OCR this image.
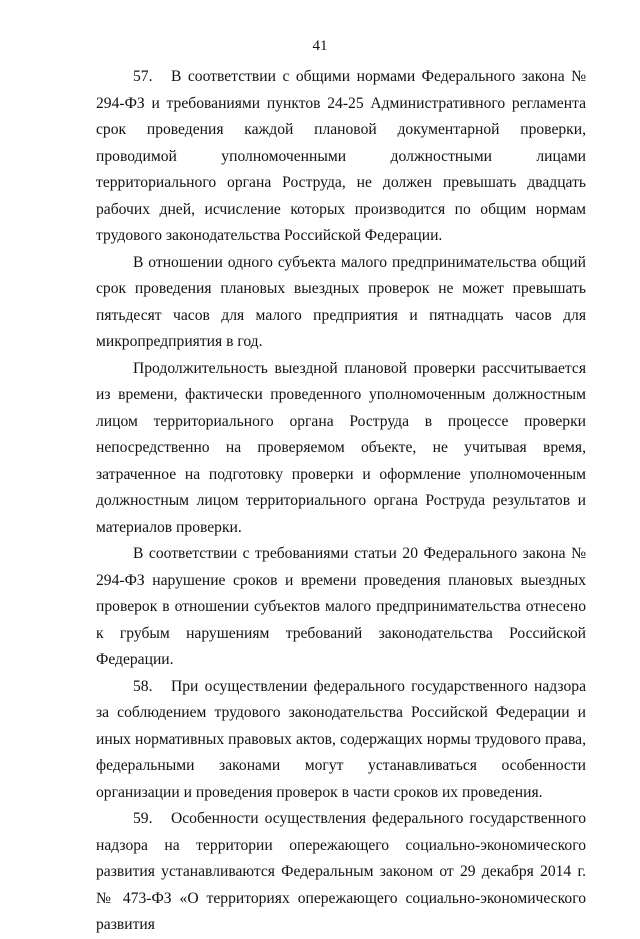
41

57. В соответствии с общими нормами Федерального закона № 294-ФЗ и требованиями пунктов 24-25 Административного регламента срок проведения каждой плановой документарной проверки, проводимой уполномоченными должностными лицами территориального органа Роструда, не должен превышать двадцать рабочих дней, исчисление которых производится по общим нормам трудового законодательства Российской Федерации.

В отношении одного субъекта малого предпринимательства общий срок проведения плановых выездных проверок не может превышать пятьдесят часов для малого предприятия и пятнадцать часов для микропредприятия в год.

Продолжительность выездной плановой проверки рассчитывается из времени, фактически проведенного уполномоченным должностным лицом территориального органа Роструда в процессе проверки непосредственно на проверяемом объекте, не учитывая время, затраченное на подготовку проверки и оформление уполномоченным должностным лицом территориального органа Роструда результатов и материалов проверки.

В соответствии с требованиями статьи 20 Федерального закона № 294-ФЗ нарушение сроков и времени проведения плановых выездных проверок в отношении субъектов малого предпринимательства отнесено к грубым нарушениям требований законодательства Российской Федерации.

58. При осуществлении федерального государственного надзора за соблюдением трудового законодательства Российской Федерации и иных нормативных правовых актов, содержащих нормы трудового права, федеральными законами могут устанавливаться особенности организации и проведения проверок в части сроков их проведения.

59. Особенности осуществления федерального государственного надзора на территории опережающего социально-экономического развития устанавливаются Федеральным законом от 29 декабря 2014 г. № 473-ФЗ «О территориях опережающего социально-экономического развития
